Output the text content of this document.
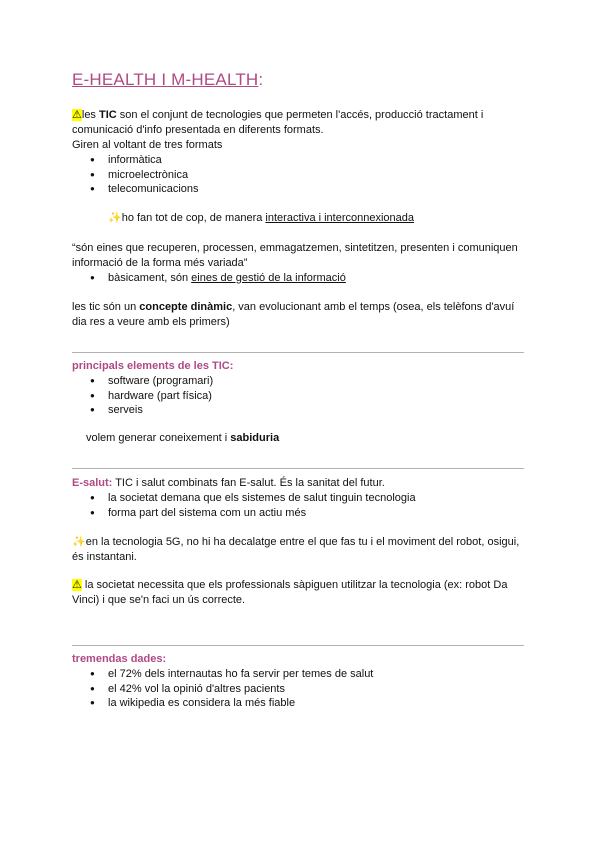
E-HEALTH I M-HEALTH:
⚠les TIC son el conjunt de tecnologies que permeten l'accés, producció tractament i comunicació d'info presentada en diferents formats.
Giren al voltant de tres formats
● informàtica
● microelectrònica
● telecomunicacions
✨ho fan tot de cop, de manera interactiva i interconnexionada
“són eines que recuperen, processen, emmagatzemen, sintetitzen, presenten i comuniquen informació de la forma més variada”
● bàsicament, són eines de gestió de la informació
les tic són un concepte dinàmic, van evolucionant amb el temps (osea, els telèfons d'avuí dia res a veure amb els primers)
principals elements de les TIC:
● software (programari)
● hardware (part física)
● serveis
volem generar coneixement i sabiduria
E-salut: TIC i salut combinats fan E-salut. És la sanitat del futur.
● la societat demana que els sistemes de salut tinguin tecnologia
● forma part del sistema com un actiu més
✨en la tecnologia 5G, no hi ha decalatge entre el que fas tu i el moviment del robot, osigui, és instantani.
⚠ la societat necessita que els professionals sàpiguen utilitzar la tecnologia (ex: robot Da Vinci) i que se'n faci un ús correcte.
tremendas dades:
● el 72% dels internautas ho fa servir per temes de salut
● el 42% vol la opinió d'altres pacients
● la wikipedia es considera la més fiable
